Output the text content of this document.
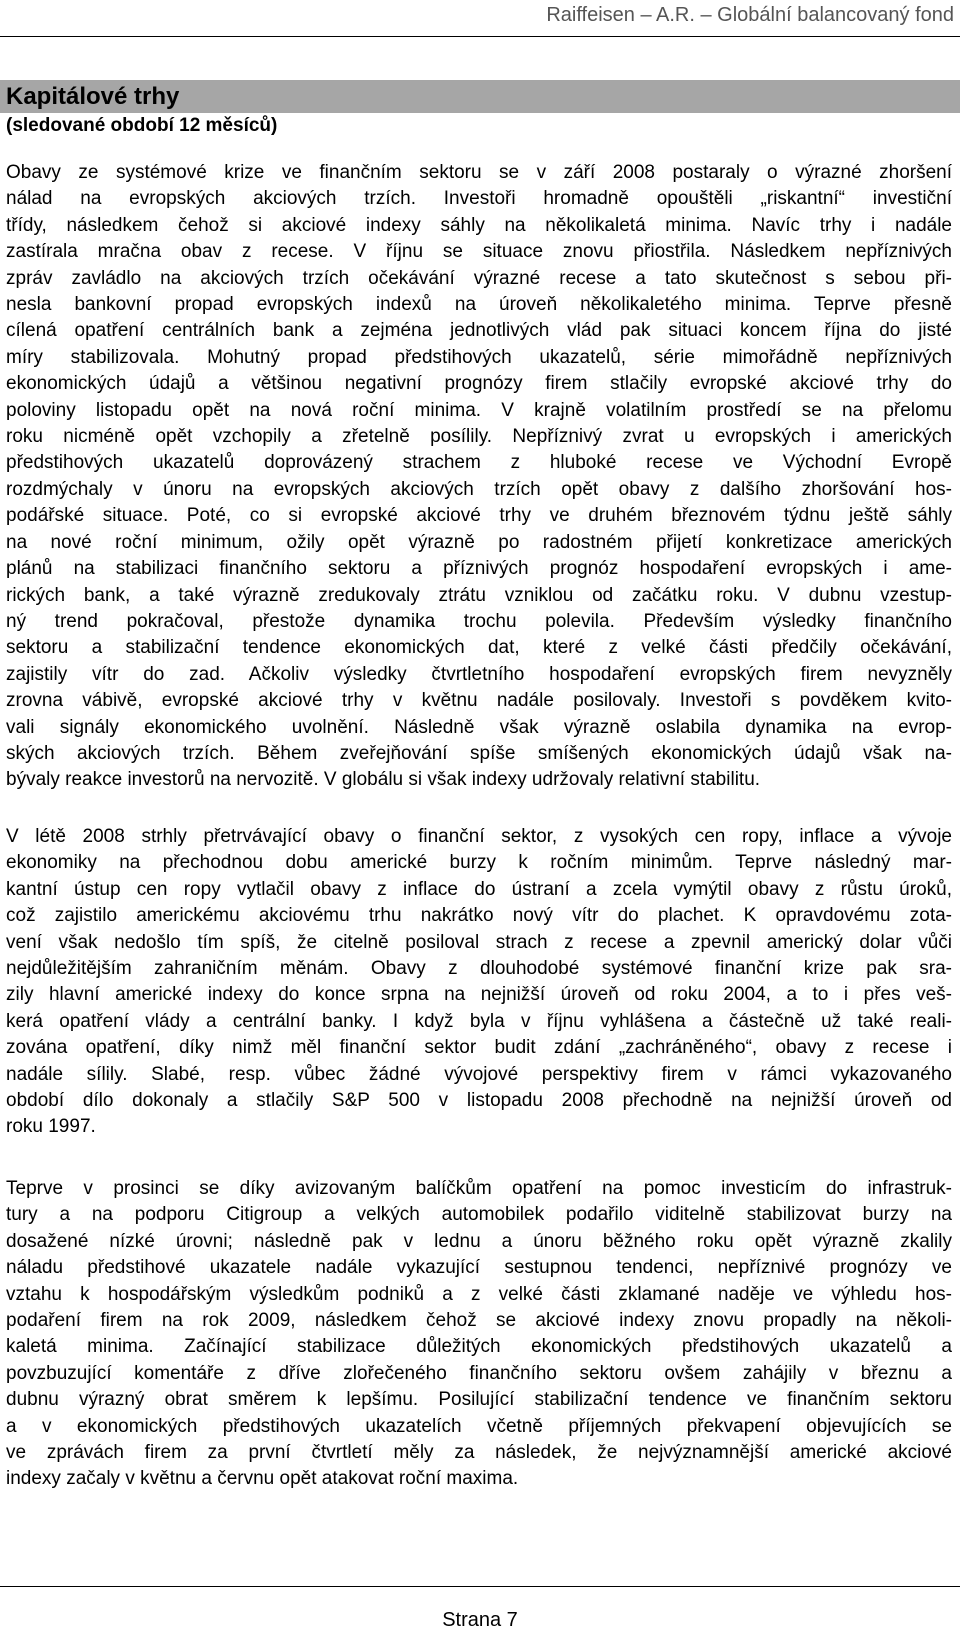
Raiffeisen – A.R. – Globální balancovaný fond
Kapitálové trhy
(sledované období 12 měsíců)
Obavy ze systémové krize ve finančním sektoru se v září 2008 postaraly o výrazné zhoršení
nálad na evropských akciových trzích. Investoři hromadně opouštěli „riskantní“ investiční
třídy, následkem čehož si akciové indexy sáhly na několikaletá minima. Navíc trhy i nadále
zastírala mračna obav z recese. V říjnu se situace znovu přiostřila. Následkem nepříznivých
zpráv zavládlo na akciových trzích očekávání výrazné recese a tato skutečnost s sebou při-
nesla bankovní propad evropských indexů na úroveň několikaletého minima. Teprve přesně
cílená opatření centrálních bank a zejména jednotlivých vlád pak situaci koncem října do jisté
míry stabilizovala. Mohutný propad předstihových ukazatelů, série mimořádně nepříznivých
ekonomických údajů a většinou negativní prognózy firem stlačily evropské akciové trhy do
poloviny listopadu opět na nová roční minima. V krajně volatilním prostředí se na přelomu
roku nicméně opět vzchopily a zřetelně posílily. Nepříznivý zvrat u evropských i amerických
předstihových ukazatelů doprovázený strachem z hluboké recese ve Východní Evropě
rozdmýchaly v únoru na evropských akciových trzích opět obavy z dalšího zhoršování hos-
podářské situace. Poté, co si evropské akciové trhy ve druhém březnovém týdnu ještě sáhly
na nové roční minimum, ožily opět výrazně po radostném přijetí konkretizace amerických
plánů na stabilizaci finančního sektoru a příznivých prognóz hospodaření evropských i ame-
rických bank, a také výrazně zredukovaly ztrátu vzniklou od začátku roku. V dubnu vzestup-
ný trend pokračoval, přestože dynamika trochu polevila. Především výsledky finančního
sektoru a stabilizační tendence ekonomických dat, které z velké části předčily očekávání,
zajistily vítr do zad. Ačkoliv výsledky čtvrtletního hospodaření evropských firem nevyzněly
zrovna vábivě, evropské akciové trhy v květnu nadále posilovaly. Investoři s povděkem kvito-
vali signály ekonomického uvolnění. Následně však výrazně oslabila dynamika na evrop-
ských akciových trzích. Během zveřejňování spíše smíšených ekonomických údajů však na-
bývaly reakce investorů na nervozitě. V globálu si však indexy udržovaly relativní stabilitu.
V létě 2008 strhly přetrvávající obavy o finanční sektor, z vysokých cen ropy, inflace a vývoje
ekonomiky na přechodnou dobu americké burzy k ročním minimům. Teprve následný mar-
kantní ústup cen ropy vytlačil obavy z inflace do ústraní a zcela vymýtil obavy z růstu úroků,
což zajistilo americkému akciovému trhu nakrátko nový vítr do plachet. K opravdovému zota-
vení však nedošlo tím spíš, že citelně posiloval strach z recese a zpevnil americký dolar vůči
nejdůležitějším zahraničním měnám. Obavy z dlouhodobé systémové finanční krize pak sra-
zily hlavní americké indexy do konce srpna na nejnižší úroveň od roku 2004, a to i přes veš-
kerá opatření vlády a centrální banky. I když byla v říjnu vyhlášena a částečně už také reali-
zována opatření, díky nimž měl finanční sektor budit zdání „zachráněného“, obavy z recese i
nadále sílily. Slabé, resp. vůbec žádné vývojové perspektivy firem v rámci vykazovaného
období dílo dokonaly a stlačily S&P 500 v listopadu 2008 přechodně na nejnižší úroveň od
roku 1997.
Teprve v prosinci se díky avizovaným balíčkům opatření na pomoc investicím do infrastruk-
tury a na podporu Citigroup a velkých automobilek podařilo viditelně stabilizovat burzy na
dosažené nízké úrovni; následně pak v lednu a únoru běžného roku opět výrazně zkalily
náladu předstihové ukazatele nadále vykazující sestupnou tendenci, nepříznivé prognózy ve
vztahu k hospodářským výsledkům podniků a z velké části zklamané naděje ve výhledu hos-
podaření firem na rok 2009, následkem čehož se akciové indexy znovu propadly na několi-
kaletá minima. Začínající stabilizace důležitých ekonomických předstihových ukazatelů a
povzbuzující komentáře z dříve zlořečeného finančního sektoru ovšem zahájily v březnu a
dubnu výrazný obrat směrem k lepšímu. Posilující stabilizační tendence ve finančním sektoru
a v ekonomických předstihových ukazatelích včetně příjemných překvapení objevujících se
ve zprávách firem za první čtvrtletí měly za následek, že nejvýznamnější americké akciové
indexy začaly v květnu a červnu opět atakovat roční maxima.
Strana 7
